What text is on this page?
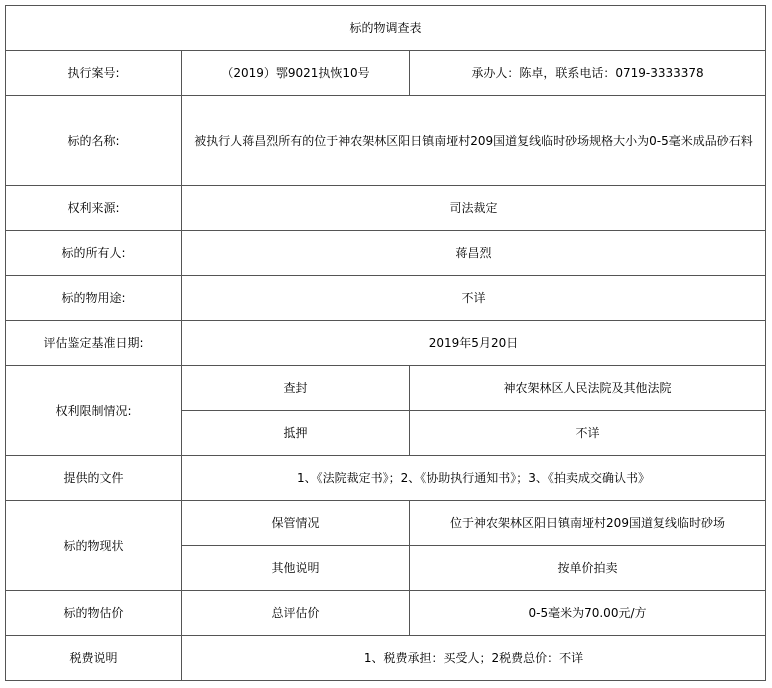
标的物调查表		
执行案号:	（2019）鄂9021执恢10号	承办人：陈卓，联系电话：0719-3333378
标的名称:	被执行人蒋昌烈所有的位于神农架林区阳日镇南垭村209国道复线临时砂场规格大小为0-5毫米成品砂石料	
权利来源:	司法裁定	
标的所有人:	蒋昌烈	
标的物用途:	不详	
评估鉴定基准日期:	2019年5月20日	
权利限制情况:	查封	神农架林区人民法院及其他法院
	抵押	不详
提供的文件	1、《法院裁定书》；2、《协助执行通知书》；3、《拍卖成交确认书》	
标的物现状	保管情况	位于神农架林区阳日镇南垭村209国道复线临时砂场
	其他说明	按单价拍卖
标的物估价	总评估价	0-5毫米为70.00元/方
税费说明	1、税费承担：买受人；2税费总价：不详	
